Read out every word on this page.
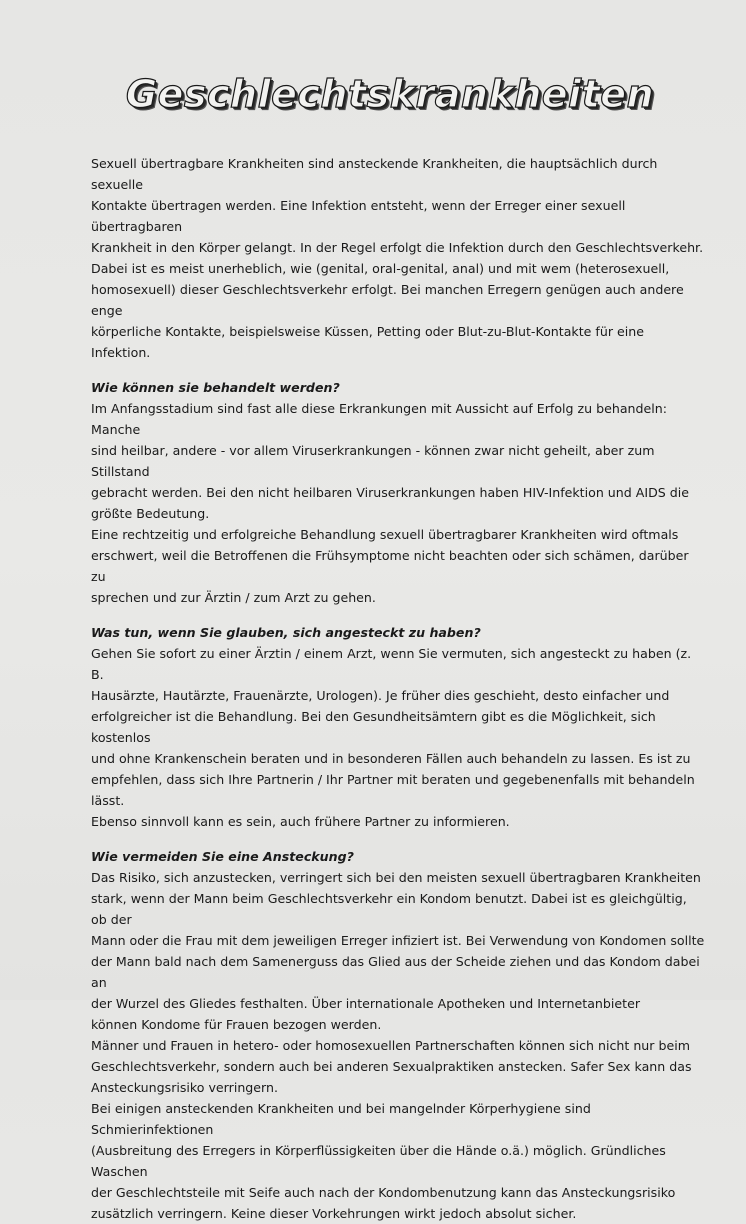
Geschlechtskrankheiten
Sexuell übertragbare Krankheiten sind ansteckende Krankheiten, die hauptsächlich durch sexuelle
Kontakte übertragen werden. Eine Infektion entsteht, wenn der Erreger einer sexuell übertragbaren
Krankheit in den Körper gelangt. In der Regel erfolgt die Infektion durch den Geschlechtsverkehr.
Dabei ist es meist unerheblich, wie (genital, oral-genital, anal) und mit wem (heterosexuell,
homosexuell) dieser Geschlechtsverkehr erfolgt. Bei manchen Erregern genügen auch andere enge
körperliche Kontakte, beispielsweise Küssen, Petting oder Blut-zu-Blut-Kontakte für eine Infektion.
Wie können sie behandelt werden?
Im Anfangsstadium sind fast alle diese Erkrankungen mit Aussicht auf Erfolg zu behandeln: Manche
sind heilbar, andere - vor allem Viruserkrankungen - können zwar nicht geheilt, aber zum Stillstand
gebracht werden. Bei den nicht heilbaren Viruserkrankungen haben HIV-Infektion und AIDS die
größte Bedeutung.
Eine rechtzeitig und erfolgreiche Behandlung sexuell übertragbarer Krankheiten wird oftmals
erschwert, weil die Betroffenen die Frühsymptome nicht beachten oder sich schämen, darüber zu
sprechen und zur Ärztin / zum Arzt zu gehen.
Was tun, wenn Sie glauben, sich angesteckt zu haben?
Gehen Sie sofort zu einer Ärztin / einem Arzt, wenn Sie vermuten, sich angesteckt zu haben (z. B.
Hausärzte, Hautärzte, Frauenärzte, Urologen). Je früher dies geschieht, desto einfacher und
erfolgreicher ist die Behandlung. Bei den Gesundheitsämtern gibt es die Möglichkeit, sich kostenlos
und ohne Krankenschein beraten und in besonderen Fällen auch behandeln zu lassen. Es ist zu
empfehlen, dass sich Ihre Partnerin / Ihr Partner mit beraten und gegebenenfalls mit behandeln lässt.
Ebenso sinnvoll kann es sein, auch frühere Partner zu informieren.
Wie vermeiden Sie eine Ansteckung?
Das Risiko, sich anzustecken, verringert sich bei den meisten sexuell übertragbaren Krankheiten
stark, wenn der Mann beim Geschlechtsverkehr ein Kondom benutzt. Dabei ist es gleichgültig, ob der
Mann oder die Frau mit dem jeweiligen Erreger infiziert ist. Bei Verwendung von Kondomen sollte
der Mann bald nach dem Samenerguss das Glied aus der Scheide ziehen und das Kondom dabei an
der Wurzel des Gliedes festhalten. Über internationale Apotheken und Internetanbieter
können Kondome für Frauen bezogen werden.
Männer und Frauen in hetero- oder homosexuellen Partnerschaften können sich nicht nur beim
Geschlechtsverkehr, sondern auch bei anderen Sexualpraktiken anstecken. Safer Sex kann das
Ansteckungsrisiko verringern.
Bei einigen ansteckenden Krankheiten und bei mangelnder Körperhygiene sind Schmierinfektionen
(Ausbreitung des Erregers in Körperflüssigkeiten über die Hände o.ä.) möglich. Gründliches Waschen
der Geschlechtsteile mit Seife auch nach der Kondombenutzung kann das Ansteckungsrisiko
zusätzlich verringern. Keine dieser Vorkehrungen wirkt jedoch absolut sicher.
